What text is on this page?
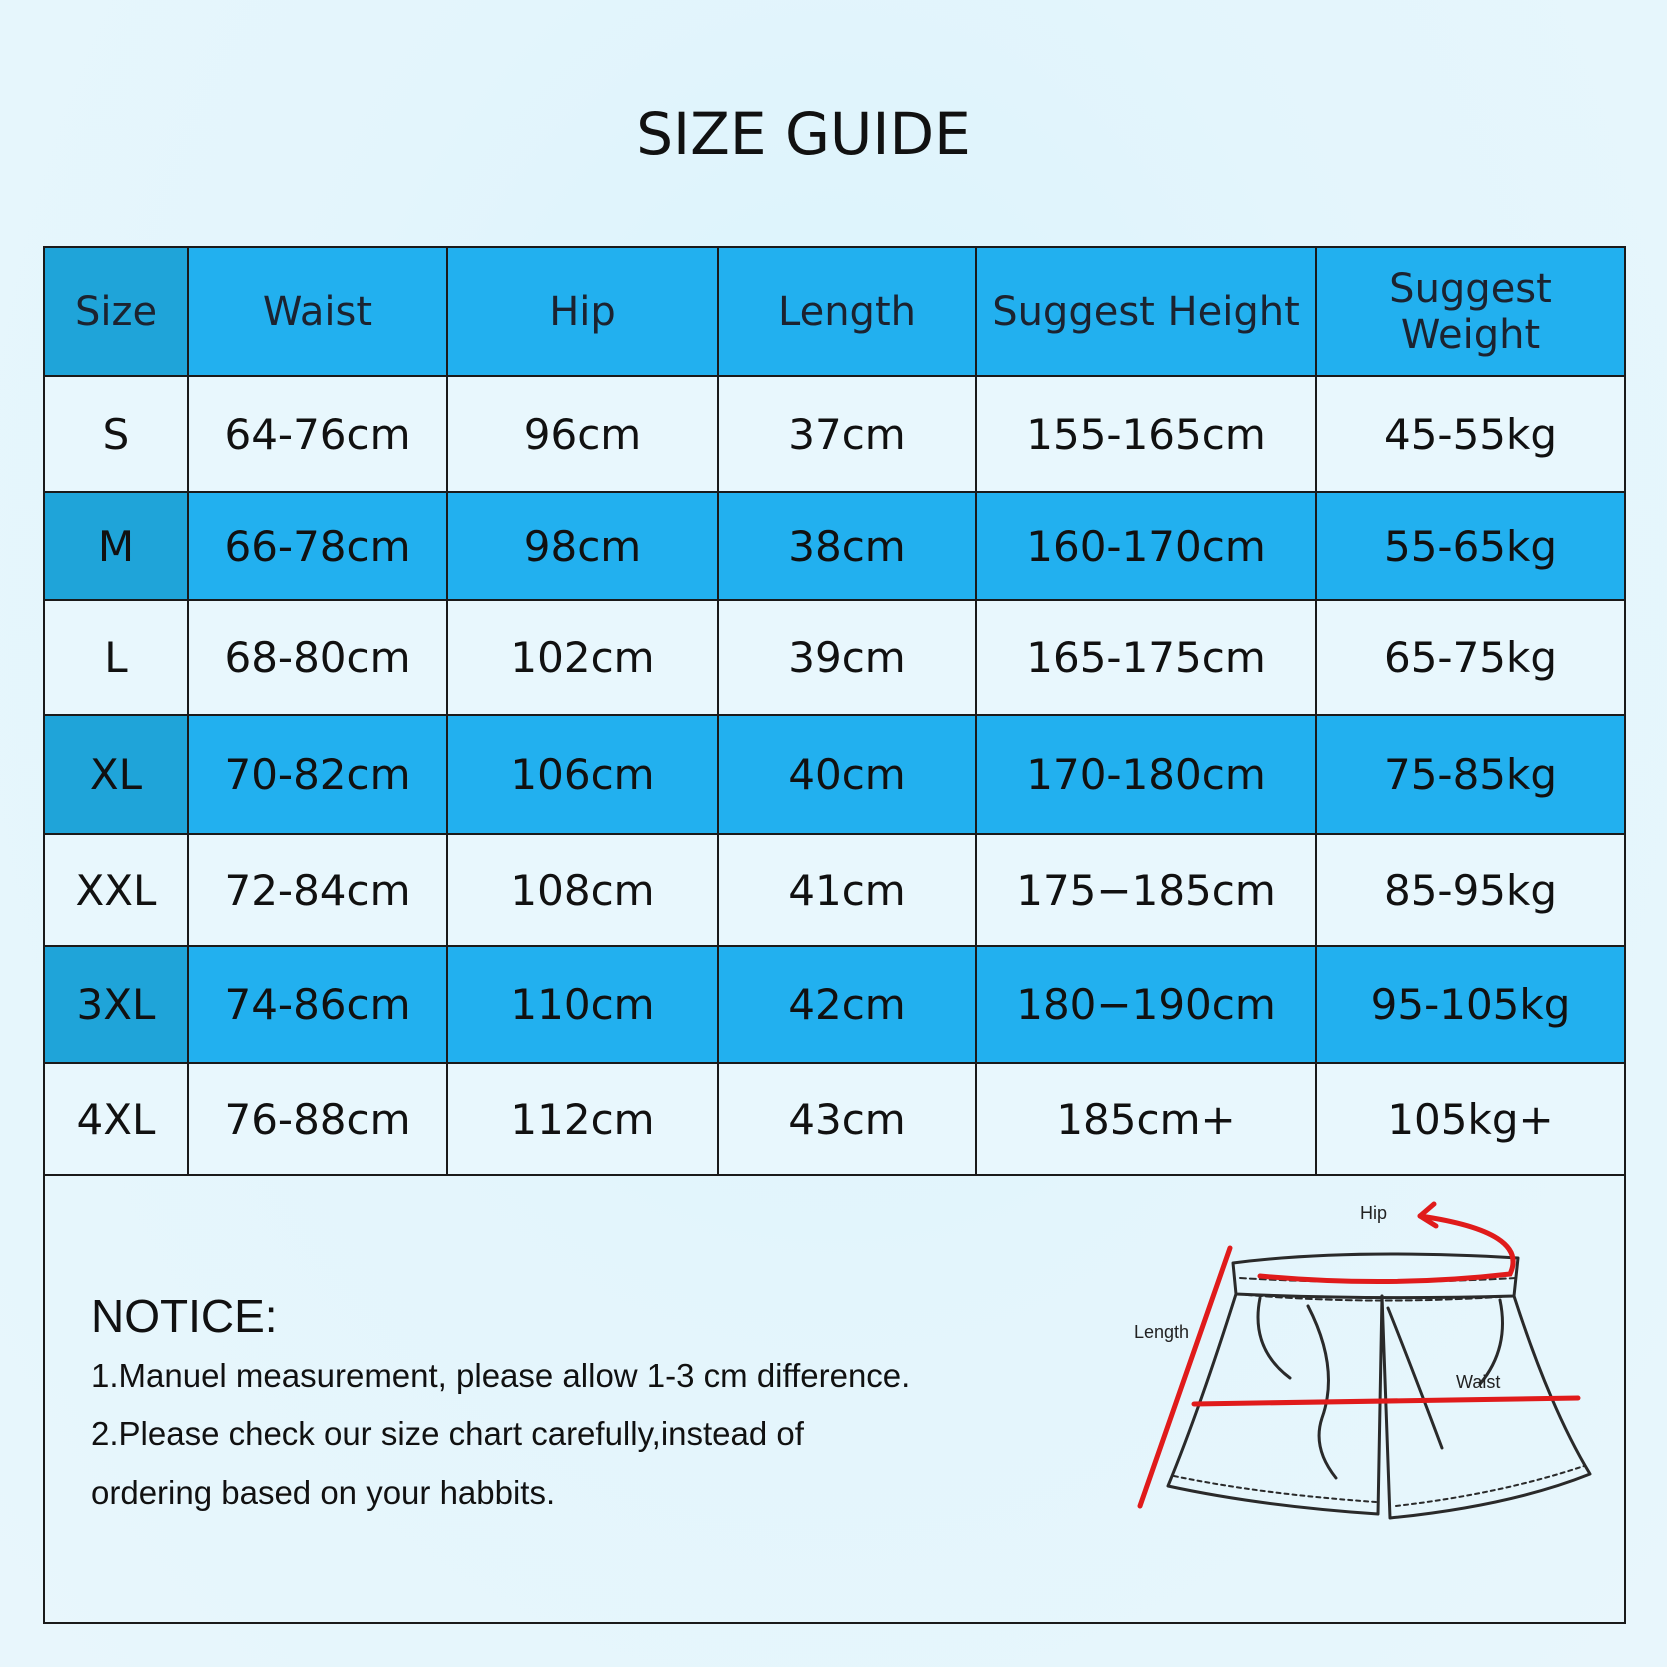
SIZE GUIDE
Size	Waist	Hip	Length	Suggest Height	Suggest Weight
S	64-76cm	96cm	37cm	155-165cm	45-55kg
M	66-78cm	98cm	38cm	160-170cm	55-65kg
L	68-80cm	102cm	39cm	165-175cm	65-75kg
XL	70-82cm	106cm	40cm	170-180cm	75-85kg
XXL	72-84cm	108cm	41cm	175−185cm	85-95kg
3XL	74-86cm	110cm	42cm	180−190cm	95-105kg
4XL	76-88cm	112cm	43cm	185cm+	105kg+
NOTICE:
1.Manuel measurement, please allow 1-3 cm difference.
2.Please check our size chart carefully,instead of
ordering based on your habbits.
Hip
Length
Waist
